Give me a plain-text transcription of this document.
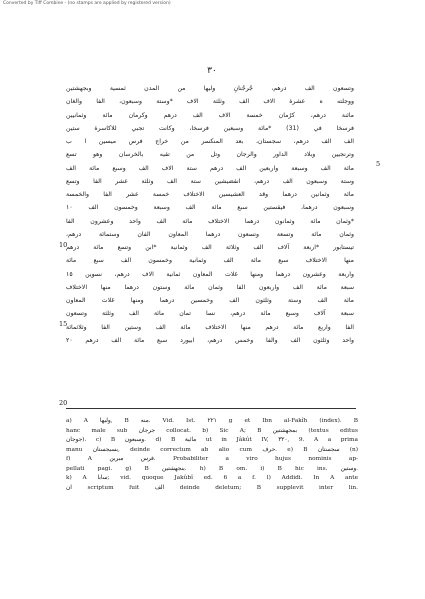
Converted by Tiff Combine - (no stamps are applied by registered version)
٣٠
وتسعون الف درهم، جُرجُنانِ وليها من المدن ثمسية وبجهشتين
ووجلته ه عشرة الاف الف وثلثة الاف *وستة وسبعون، الفا والغان
مائنة درهم، كرُمان خمسة الاف الف درهم وكرمان مائة وثمانيين
فرسخا في (31) *مائة وسبعين فرسخا، وكانت تجبي للاكاسرة ستين
الف الف درهم، سجستان، بعد المنكسر من خراج فرس ميسين ا ب
وترنجيين وبلاد الداور والرجان وتل من تقيه بالخرسان وهو تسع
مائة الف وسبعة واربعين الف درهم ستة الاف الف وسبع مائة الف
وستة وسبعون الف درهم، انقضيشين ستة الف وثلثة عشر الفا وتسع
مائة وثمانين درهما وقد العشيسين الاختلاف خمسة عشر الفا والخمسة
وسبعون درهما، فيقستين سبع مائة الف وسبعة وخمسون الف ١٠
*وثمان مائة وثمانون درهما الاختلاف مائة الف واحد وعشرون الفا
وثمان مائة وتسعة وتسعون درهما المعاون الفان وستمائة درهم،
تيستابور *اربعة آلاف الف وثلاثة الف وثمانية *ابن وتسع مائة درهم
منها الاختلاف سبع مائة الف وثمانية وخمسون الف سبع مائة
واربعة وعشرون درهما ومنها غلات المعاون ثمانية الاف درهم، نسوين ١٥
سبعة مائة الف واربعون الفا وثمان مائة وستون درهما منها الاختلاف
مائة الف وستة وثلثون الف وخمسين درهما ومنها غلات المعاون
سبعة آلاف وسبع مائة درهم، نسا تمان مائة الف وثلثة وتسعون
الفا واربع مائة درهم منها الاختلاف مائة الف وستين الفا وثلاثمائة
واحد وثلثون الف والفا وخمس درهم، ابيورد سبع مائة الف درهم ٢٠
5
10
15
20
a) A وليها, B منه. Vid. Ist. ٢٢١ g et Ibn al-Fakîh (index). B
hanc male sub جرجان collocat. b) Sic A; B بمجهشتين (textus editus
جوجان). c) B وسبعون. d) B مائية ut in Jâkût IV, ٣٢٠, 9. A a prima
manu بسيجستان, deinde correctum ab alio cum حرف. e) B سجستان (n)
f) A فرس مبرين. Probabiliter a viro hujus nominis ap-
pellati pagi. g) B بنجهشتين. h) B om. i) B hic ins. وستين.
k) A سابا; vid. quoque Jakûbî ed. 6 a f. l) Addidi. In A ante
ان scriptum fuit الف deinde deletum; B supplevit inter lin.
